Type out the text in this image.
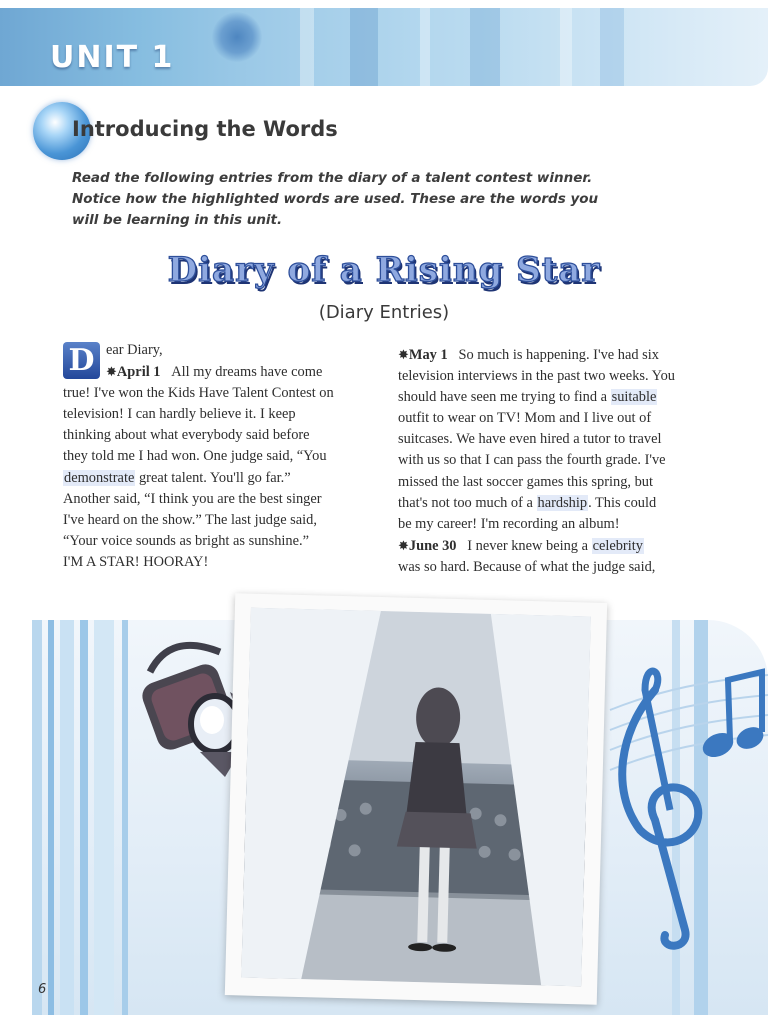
UNIT 1
Introducing the Words
Read the following entries from the diary of a talent contest winner.
Notice how the highlighted words are used. These are the words you
will be learning in this unit.
Diary of a Rising Star
(Diary Entries)
D ear Diary,
✸April 1 All my dreams have come
true! I've won the Kids Have Talent Contest on
television! I can hardly believe it. I keep
thinking about what everybody said before
they told me I had won. One judge said, “You
demonstrate great talent. You'll go far.”
Another said, “I think you are the best singer
I've heard on the show.” The last judge said,
“Your voice sounds as bright as sunshine.”
I'M A STAR! HOORAY!
✸May 1 So much is happening. I've had six
television interviews in the past two weeks. You
should have seen me trying to find a suitable
outfit to wear on TV! Mom and I live out of
suitcases. We have even hired a tutor to travel
with us so that I can pass the fourth grade. I've
missed the last soccer games this spring, but
that's not too much of a hardship. This could
be my career! I'm recording an album!
✸June 30 I never knew being a celebrity
was so hard. Because of what the judge said,
6
